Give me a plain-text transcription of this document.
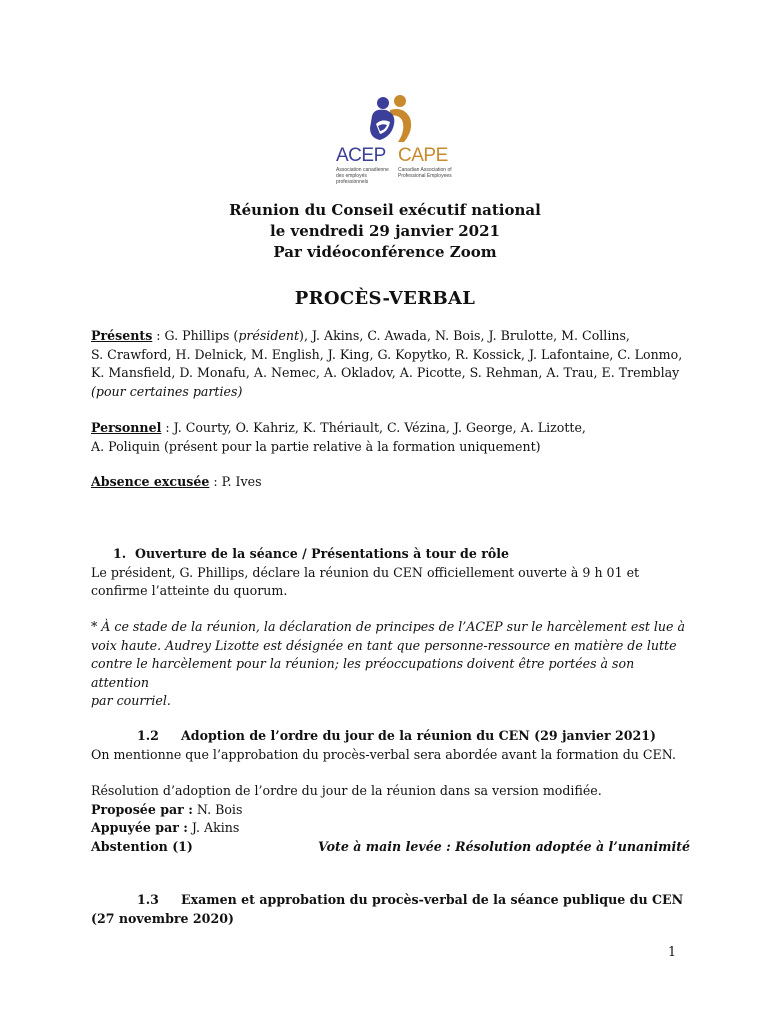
ACEP CAPE
Association canadienne des employés professionnels
Canadian Association of Professional Employees
Réunion du Conseil exécutif national
le vendredi 29 janvier 2021
Par vidéoconférence Zoom
PROCÈS-VERBAL
Présents : G. Phillips (président), J. Akins, C. Awada, N. Bois, J. Brulotte, M. Collins,
S. Crawford, H. Delnick, M. English, J. King, G. Kopytko, R. Kossick, J. Lafontaine, C. Lonmo,
K. Mansfield, D. Monafu, A. Nemec, A. Okladov, A. Picotte, S. Rehman, A. Trau, E. Tremblay
(pour certaines parties)
Personnel : J. Courty, O. Kahriz, K. Thériault, C. Vézina, J. George, A. Lizotte,
A. Poliquin (présent pour la partie relative à la formation uniquement)
Absence excusée : P. Ives
1. Ouverture de la séance / Présentations à tour de rôle
Le président, G. Phillips, déclare la réunion du CEN officiellement ouverte à 9 h 01 et
confirme l’atteinte du quorum.
* À ce stade de la réunion, la déclaration de principes de l’ACEP sur le harcèlement est lue à
voix haute. Audrey Lizotte est désignée en tant que personne-ressource en matière de lutte
contre le harcèlement pour la réunion; les préoccupations doivent être portées à son attention
par courriel.
1.2 Adoption de l’ordre du jour de la réunion du CEN (29 janvier 2021)
On mentionne que l’approbation du procès-verbal sera abordée avant la formation du CEN.
Résolution d’adoption de l’ordre du jour de la réunion dans sa version modifiée.
Proposée par : N. Bois
Appuyée par : J. Akins
Abstention (1)	Vote à main levée : Résolution adoptée à l’unanimité
1.3 Examen et approbation du procès-verbal de la séance publique du CEN
(27 novembre 2020)
1
